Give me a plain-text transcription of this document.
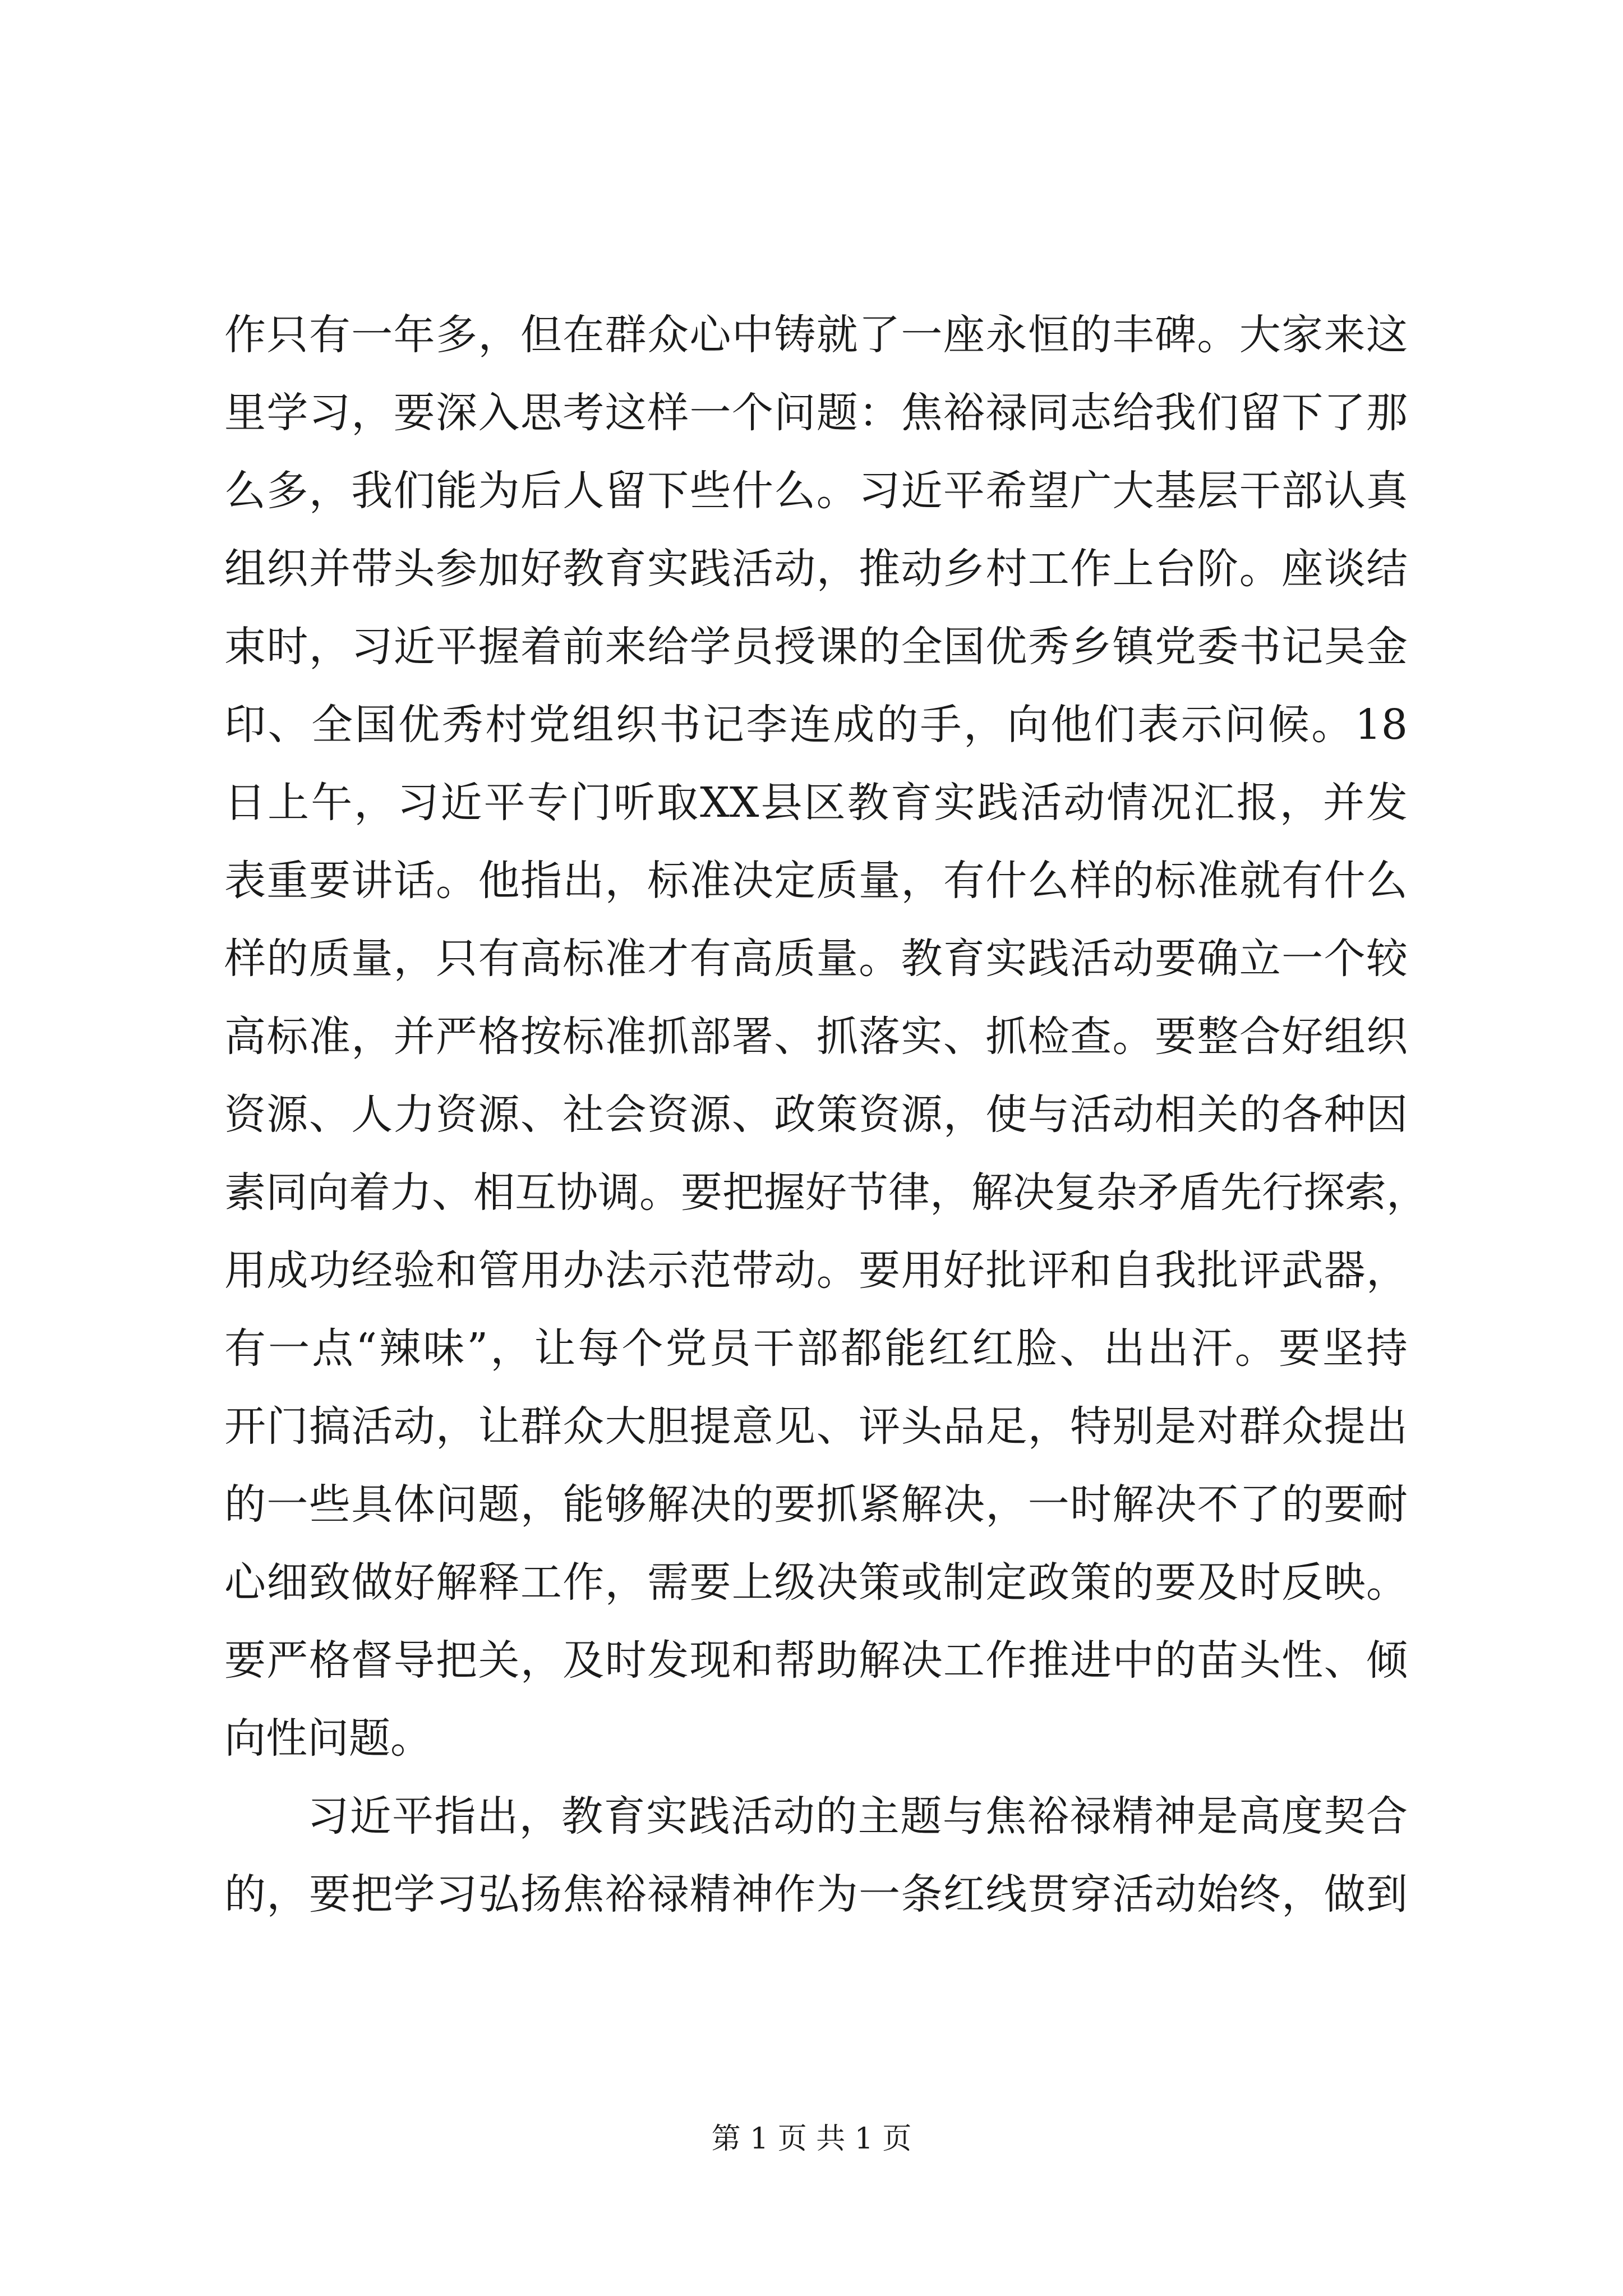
作只有一年多，但在群众心中铸就了一座永恒的丰碑。大家来这
里学习，要深入思考这样一个问题：焦裕禄同志给我们留下了那
么多，我们能为后人留下些什么。习近平希望广大基层干部认真
组织并带头参加好教育实践活动，推动乡村工作上台阶。座谈结
束时，习近平握着前来给学员授课的全国优秀乡镇党委书记吴金
印、全国优秀村党组织书记李连成的手，向他们表示问候。18
日上午，习近平专门听取XX县区教育实践活动情况汇报，并发
表重要讲话。他指出，标准决定质量，有什么样的标准就有什么
样的质量，只有高标准才有高质量。教育实践活动要确立一个较
高标准，并严格按标准抓部署、抓落实、抓检查。要整合好组织
资源、人力资源、社会资源、政策资源，使与活动相关的各种因
素同向着力、相互协调。要把握好节律，解决复杂矛盾先行探索，
用成功经验和管用办法示范带动。要用好批评和自我批评武器，
有一点“辣味”，让每个党员干部都能红红脸、出出汗。要坚持
开门搞活动，让群众大胆提意见、评头品足，特别是对群众提出
的一些具体问题，能够解决的要抓紧解决，一时解决不了的要耐
心细致做好解释工作，需要上级决策或制定政策的要及时反映。
要严格督导把关，及时发现和帮助解决工作推进中的苗头性、倾
向性问题。
习近平指出，教育实践活动的主题与焦裕禄精神是高度契合
的，要把学习弘扬焦裕禄精神作为一条红线贯穿活动始终，做到
第 1 页 共 1 页
